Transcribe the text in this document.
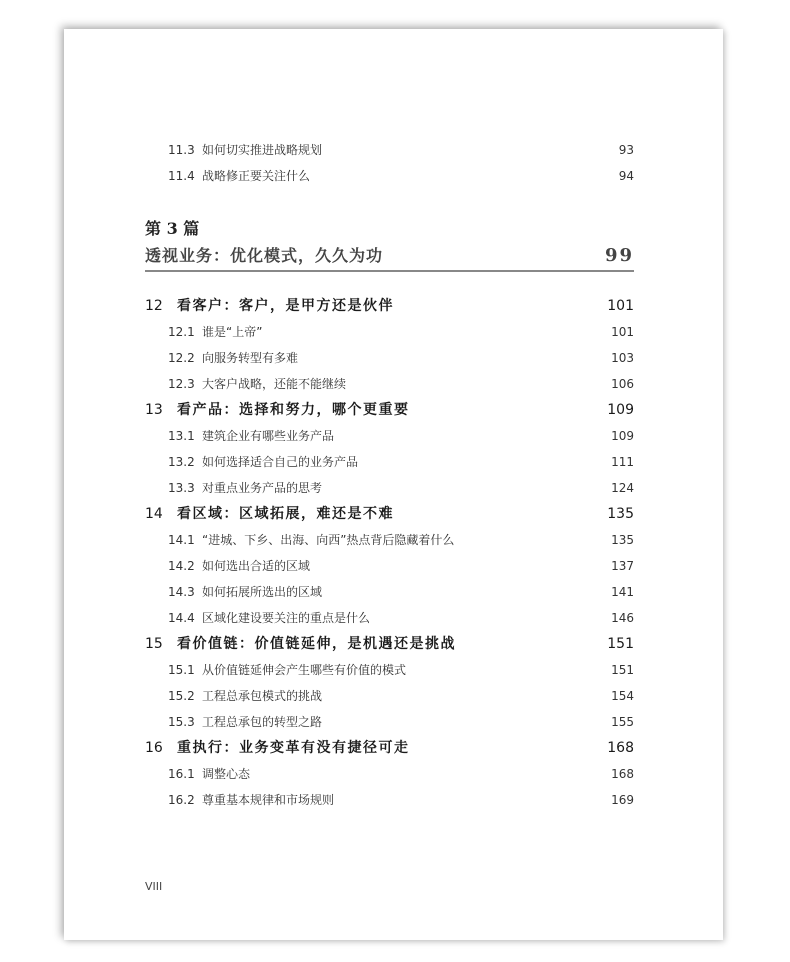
11.3 如何切实推进战略规划	93
11.4 战略修正要关注什么	94
第 3 篇
透视业务：优化模式，久久为功	99
12 看客户：客户，是甲方还是伙伴	101
12.1 谁是“上帝”	101
12.2 向服务转型有多难	103
12.3 大客户战略，还能不能继续	106
13 看产品：选择和努力，哪个更重要	109
13.1 建筑企业有哪些业务产品	109
13.2 如何选择适合自己的业务产品	111
13.3 对重点业务产品的思考	124
14 看区域：区域拓展，难还是不难	135
14.1 “进城、下乡、出海、向西”热点背后隐藏着什么	135
14.2 如何选出合适的区域	137
14.3 如何拓展所选出的区域	141
14.4 区域化建设要关注的重点是什么	146
15 看价值链：价值链延伸，是机遇还是挑战	151
15.1 从价值链延伸会产生哪些有价值的模式	151
15.2 工程总承包模式的挑战	154
15.3 工程总承包的转型之路	155
16 重执行：业务变革有没有捷径可走	168
16.1 调整心态	168
16.2 尊重基本规律和市场规则	169
VIII
